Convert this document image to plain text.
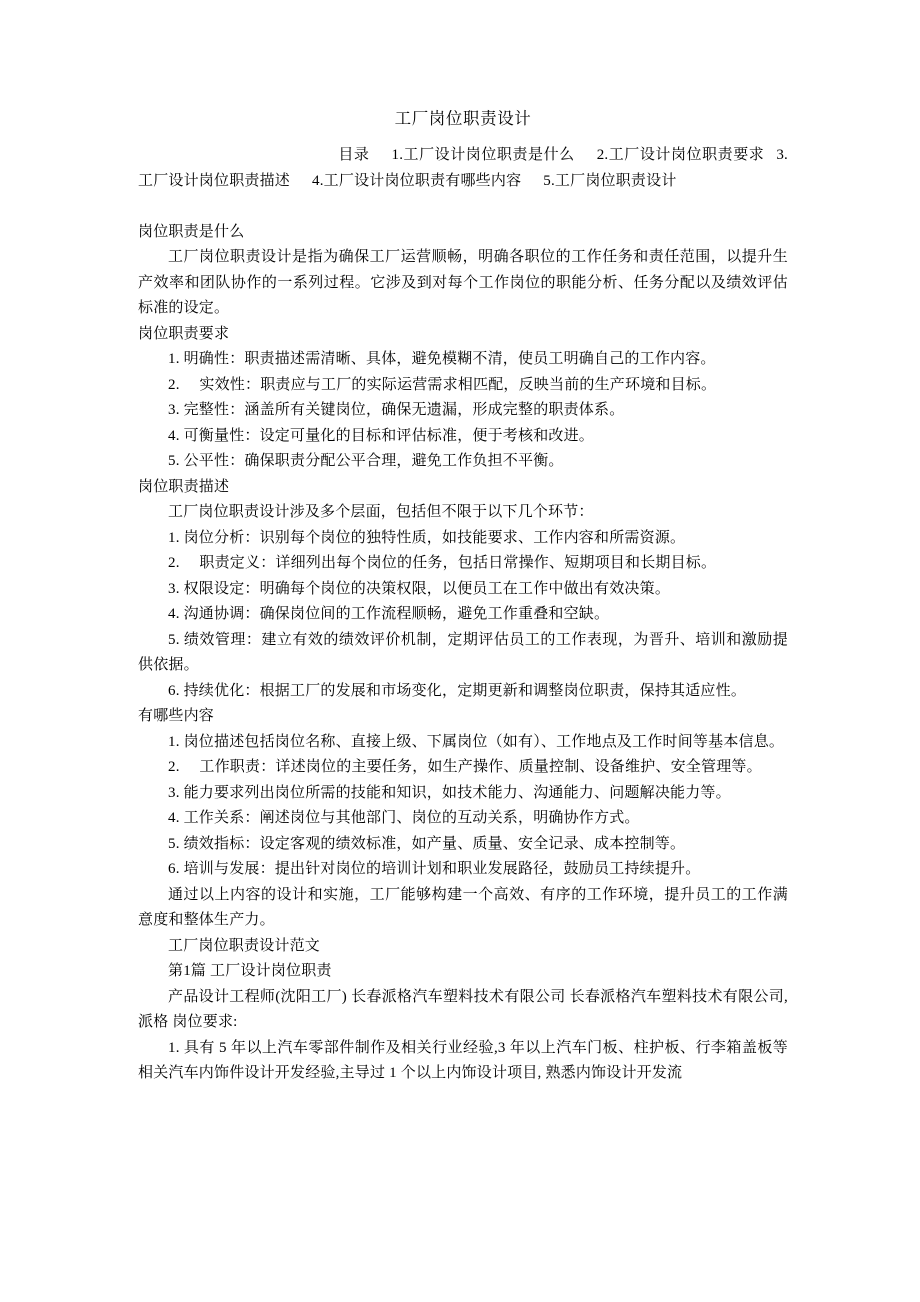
工厂岗位职责设计
目录 1.工厂设计岗位职责是什么 2.工厂设计岗位职责要求 3.工厂设计岗位职责描述 4.工厂设计岗位职责有哪些内容 5.工厂岗位职责设计

岗位职责是什么

工厂岗位职责设计是指为确保工厂运营顺畅，明确各职位的工作任务和责任范围，以提升生产效率和团队协作的一系列过程。它涉及到对每个工作岗位的职能分析、任务分配以及绩效评估标准的设定。

岗位职责要求

1. 明确性：职责描述需清晰、具体，避免模糊不清，使员工明确自己的工作内容。

2. 实效性：职责应与工厂的实际运营需求相匹配，反映当前的生产环境和目标。

3. 完整性：涵盖所有关键岗位，确保无遗漏，形成完整的职责体系。

4. 可衡量性：设定可量化的目标和评估标准，便于考核和改进。

5. 公平性：确保职责分配公平合理，避免工作负担不平衡。

岗位职责描述

工厂岗位职责设计涉及多个层面，包括但不限于以下几个环节：

1. 岗位分析：识别每个岗位的独特性质，如技能要求、工作内容和所需资源。

2. 职责定义：详细列出每个岗位的任务，包括日常操作、短期项目和长期目标。

3. 权限设定：明确每个岗位的决策权限，以便员工在工作中做出有效决策。

4. 沟通协调：确保岗位间的工作流程顺畅，避免工作重叠和空缺。

5. 绩效管理：建立有效的绩效评价机制，定期评估员工的工作表现，为晋升、培训和激励提供依据。

6. 持续优化：根据工厂的发展和市场变化，定期更新和调整岗位职责，保持其适应性。

有哪些内容

1. 岗位描述包括岗位名称、直接上级、下属岗位（如有）、工作地点及工作时间等基本信息。

2. 工作职责：详述岗位的主要任务，如生产操作、质量控制、设备维护、安全管理等。

3. 能力要求列出岗位所需的技能和知识，如技术能力、沟通能力、问题解决能力等。

4. 工作关系：阐述岗位与其他部门、岗位的互动关系，明确协作方式。

5. 绩效指标：设定客观的绩效标准，如产量、质量、安全记录、成本控制等。

6. 培训与发展：提出针对岗位的培训计划和职业发展路径，鼓励员工持续提升。

通过以上内容的设计和实施，工厂能够构建一个高效、有序的工作环境，提升员工的工作满意度和整体生产力。

工厂岗位职责设计范文

第1篇 工厂设计岗位职责

产品设计工程师(沈阳工厂) 长春派格汽车塑料技术有限公司 长春派格汽车塑料技术有限公司,派格 岗位要求:

1. 具有 5 年以上汽车零部件制作及相关行业经验,3 年以上汽车门板、柱护板、行李箱盖板等相关汽车内饰件设计开发经验,主导过 1 个以上内饰设计项目, 熟悉内饰设计开发流
